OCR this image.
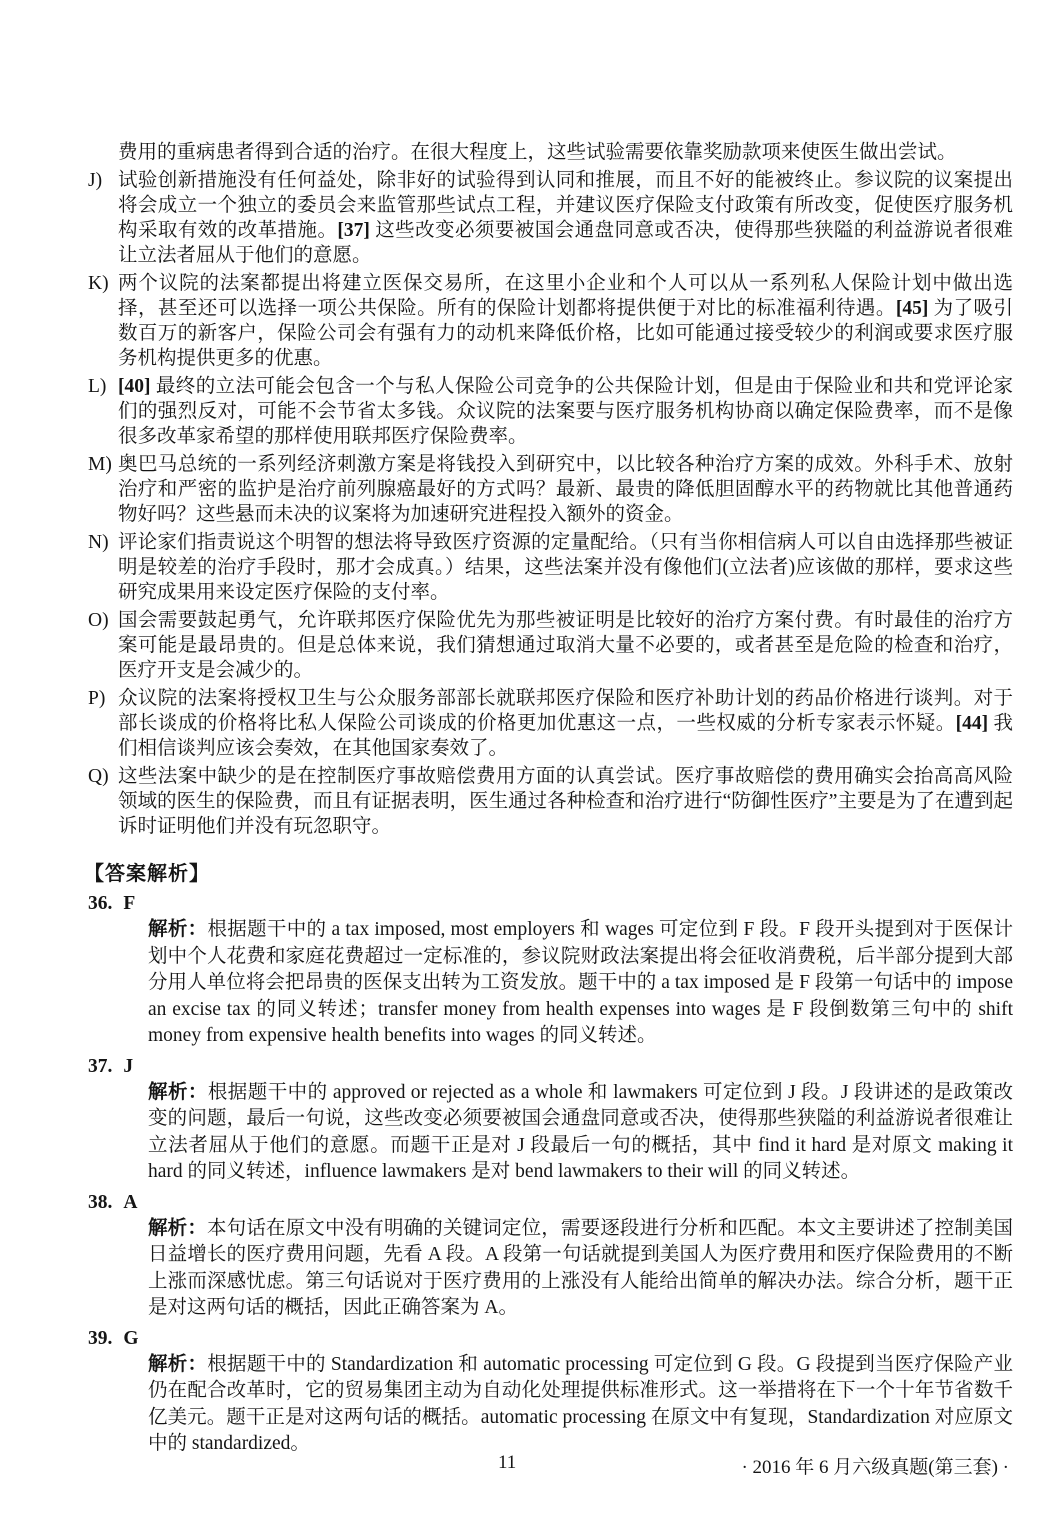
费用的重病患者得到合适的治疗。在很大程度上，这些试验需要依靠奖励款项来使医生做出尝试。
J) 试验创新措施没有任何益处，除非好的试验得到认同和推展，而且不好的能被终止。参议院的议案提出将会成立一个独立的委员会来监管那些试点工程，并建议医疗保险支付政策有所改变，促使医疗服务机构采取有效的改革措施。[37] 这些改变必须要被国会通盘同意或否决，使得那些狭隘的利益游说者很难让立法者屈从于他们的意愿。
K) 两个议院的法案都提出将建立医保交易所，在这里小企业和个人可以从一系列私人保险计划中做出选择，甚至还可以选择一项公共保险。所有的保险计划都将提供便于对比的标准福利待遇。[45] 为了吸引数百万的新客户，保险公司会有强有力的动机来降低价格，比如可能通过接受较少的利润或要求医疗服务机构提供更多的优惠。
L) [40] 最终的立法可能会包含一个与私人保险公司竞争的公共保险计划，但是由于保险业和共和党评论家们的强烈反对，可能不会节省太多钱。众议院的法案要与医疗服务机构协商以确定保险费率，而不是像很多改革家希望的那样使用联邦医疗保险费率。
M) 奥巴马总统的一系列经济刺激方案是将钱投入到研究中，以比较各种治疗方案的成效。外科手术、放射治疗和严密的监护是治疗前列腺癌最好的方式吗？最新、最贵的降低胆固醇水平的药物就比其他普通药物好吗？这些悬而未决的议案将为加速研究进程投入额外的资金。
N) 评论家们指责说这个明智的想法将导致医疗资源的定量配给。（只有当你相信病人可以自由选择那些被证明是较差的治疗手段时，那才会成真。）结果，这些法案并没有像他们(立法者)应该做的那样，要求这些研究成果用来设定医疗保险的支付率。
O) 国会需要鼓起勇气，允许联邦医疗保险优先为那些被证明是比较好的治疗方案付费。有时最佳的治疗方案可能是最昂贵的。但是总体来说，我们猜想通过取消大量不必要的，或者甚至是危险的检查和治疗，医疗开支是会减少的。
P) 众议院的法案将授权卫生与公众服务部部长就联邦医疗保险和医疗补助计划的药品价格进行谈判。对于部长谈成的价格将比私人保险公司谈成的价格更加优惠这一点，一些权威的分析专家表示怀疑。[44] 我们相信谈判应该会奏效，在其他国家奏效了。
Q) 这些法案中缺少的是在控制医疗事故赔偿费用方面的认真尝试。医疗事故赔偿的费用确实会抬高高风险领域的医生的保险费，而且有证据表明，医生通过各种检查和治疗进行“防御性医疗”主要是为了在遭到起诉时证明他们并没有玩忽职守。
【答案解析】
36. F
解析：根据题干中的 a tax imposed, most employers 和 wages 可定位到 F 段。F 段开头提到对于医保计划中个人花费和家庭花费超过一定标准的，参议院财政法案提出将会征收消费税，后半部分提到大部分用人单位将会把昂贵的医保支出转为工资发放。题干中的 a tax imposed 是 F 段第一句话中的 impose an excise tax 的同义转述；transfer money from health expenses into wages 是 F 段倒数第三句中的 shift money from expensive health benefits into wages 的同义转述。
37. J
解析：根据题干中的 approved or rejected as a whole 和 lawmakers 可定位到 J 段。J 段讲述的是政策改变的问题，最后一句说，这些改变必须要被国会通盘同意或否决，使得那些狭隘的利益游说者很难让立法者屈从于他们的意愿。而题干正是对 J 段最后一句的概括，其中 find it hard 是对原文 making it hard 的同义转述，influence lawmakers 是对 bend lawmakers to their will 的同义转述。
38. A
解析：本句话在原文中没有明确的关键词定位，需要逐段进行分析和匹配。本文主要讲述了控制美国日益增长的医疗费用问题，先看 A 段。A 段第一句话就提到美国人为医疗费用和医疗保险费用的不断上涨而深感忧虑。第三句话说对于医疗费用的上涨没有人能给出简单的解决办法。综合分析，题干正是对这两句话的概括，因此正确答案为 A。
39. G
解析：根据题干中的 Standardization 和 automatic processing 可定位到 G 段。G 段提到当医疗保险产业仍在配合改革时，它的贸易集团主动为自动化处理提供标准形式。这一举措将在下一个十年节省数千亿美元。题干正是对这两句话的概括。automatic processing 在原文中有复现，Standardization 对应原文中的 standardized。
11	· 2016 年 6 月六级真题(第三套) ·
